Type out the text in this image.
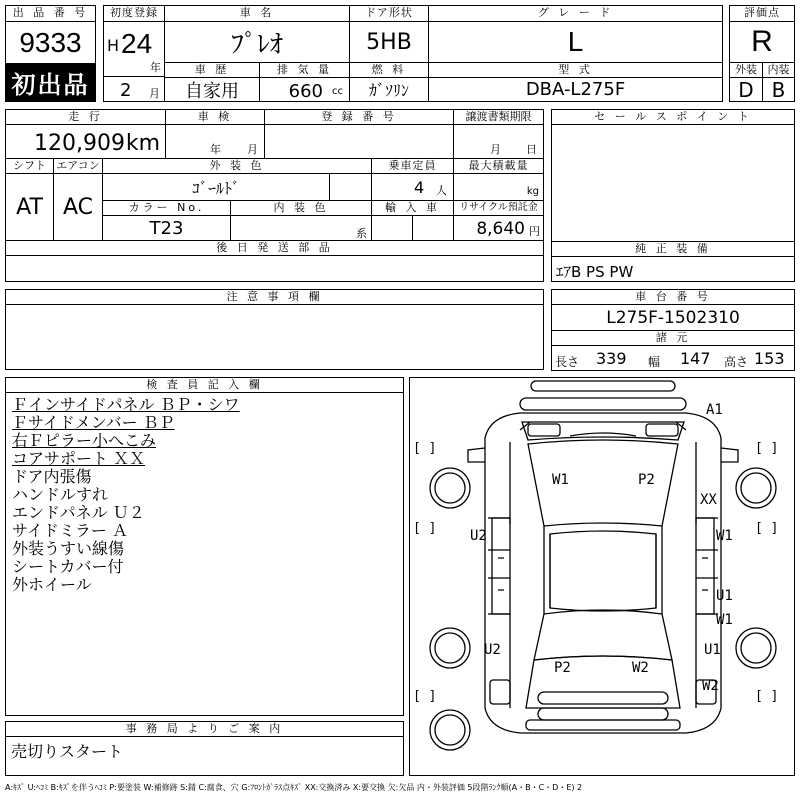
出 品 番 号
9333
初出品
初度登録
H 24
年
2 月
車 名
ﾌﾟﾚｵ
車 歴
自家用
排 気 量
660 cc
ドア形状
5HB
燃 料
ｶﾞｿﾘﾝ
グ レ ー ド
L
型 式
DBA-L275F
評価点
R
外装 内装
D B
走 行
120,909 km
車 検
年 月
登 録 番 号	譲渡書類期限
月 日
シフト
AT
エアコン
AC
外 装 色
ｺﾞｰﾙﾄﾞ
カラー No.
T23
内 装 色
系
乗車定員
4 人
輸 入 車
最大積載量
kg
リサイクル預託金
8,640 円
後 日 発 送 部 品
注 意 事 項 欄
セ ー ル ス ポ イ ン ト
純 正 装 備
ｴｱB PS PW
車 台 番 号
L275F-1502310
諸 元
長さ 339 幅 147 高さ 153
検 査 員 記 入 欄
Ｆインサイドパネル ＢＰ・シワ
Ｆサイドメンバー ＢＰ
右Ｆピラー小へこみ
コアサポート ＸＸ
ドア内張傷
ハンドルすれ
エンドパネル Ｕ２
サイドミラー Ａ
外装うすい線傷
シートカバー付
外ホイール
事 務 局 よ り ご 案 内
売切りスタート
[ ]	[ ]
[ ]	[ ]
[ ]	[ ]
A1
W1	P2
XX
U2	W1
U1
W1
U2	U1
P2	W2
W2
A:ｷｽﾞ U:ﾍｺﾐ B:ｷｽﾞを伴うﾍｺﾐ P:要塗装 W:補修跡 S:錆 C:腐食、穴 G:ﾌﾛﾝﾄｶﾞﾗｽ点ｷｽﾞ XX:交換済み X:要交換 欠:欠品 内・外装評価 5段階ﾗﾝｸ順(A・B・C・D・E) 2
